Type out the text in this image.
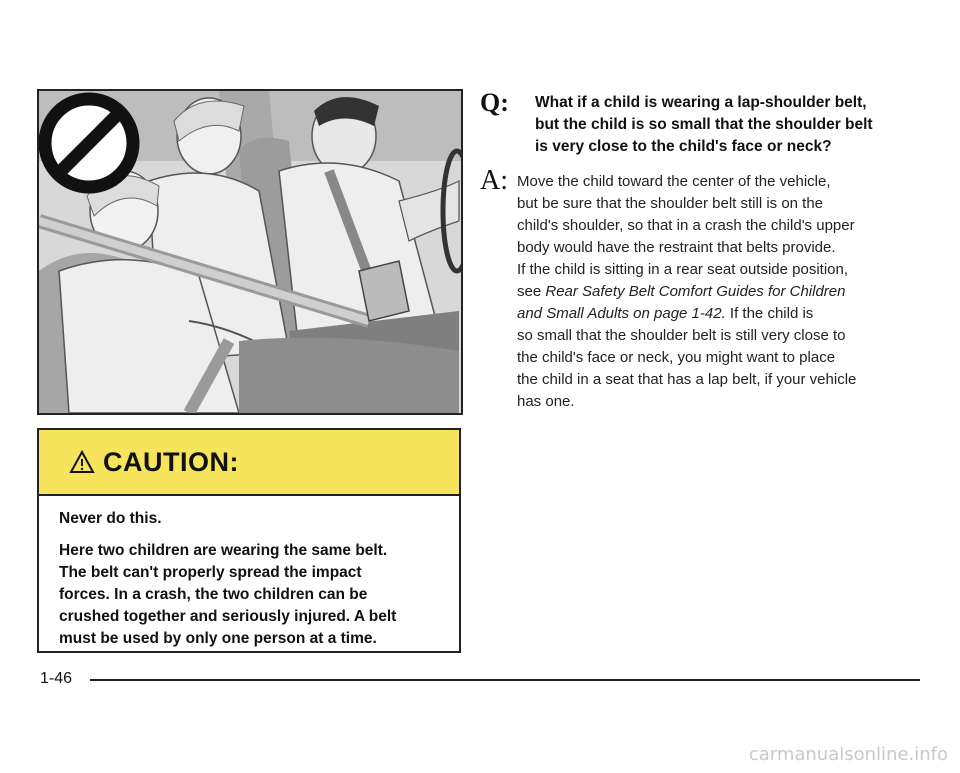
CAUTION:

Never do this.

Here two children are wearing the same belt.
The belt can't properly spread the impact
forces. In a crash, the two children can be
crushed together and seriously injured. A belt
must be used by only one person at a time.

Q: What if a child is wearing a lap-shoulder belt,
but the child is so small that the shoulder belt
is very close to the child's face or neck?
A: Move the child toward the center of the vehicle,
but be sure that the shoulder belt still is on the
child's shoulder, so that in a crash the child's upper
body would have the restraint that belts provide.
If the child is sitting in a rear seat outside position,
see Rear Safety Belt Comfort Guides for Children
and Small Adults on page 1-42. If the child is
so small that the shoulder belt is still very close to
the child's face or neck, you might want to place
the child in a seat that has a lap belt, if your vehicle
has one.
1-46
carmanualsonline.info
